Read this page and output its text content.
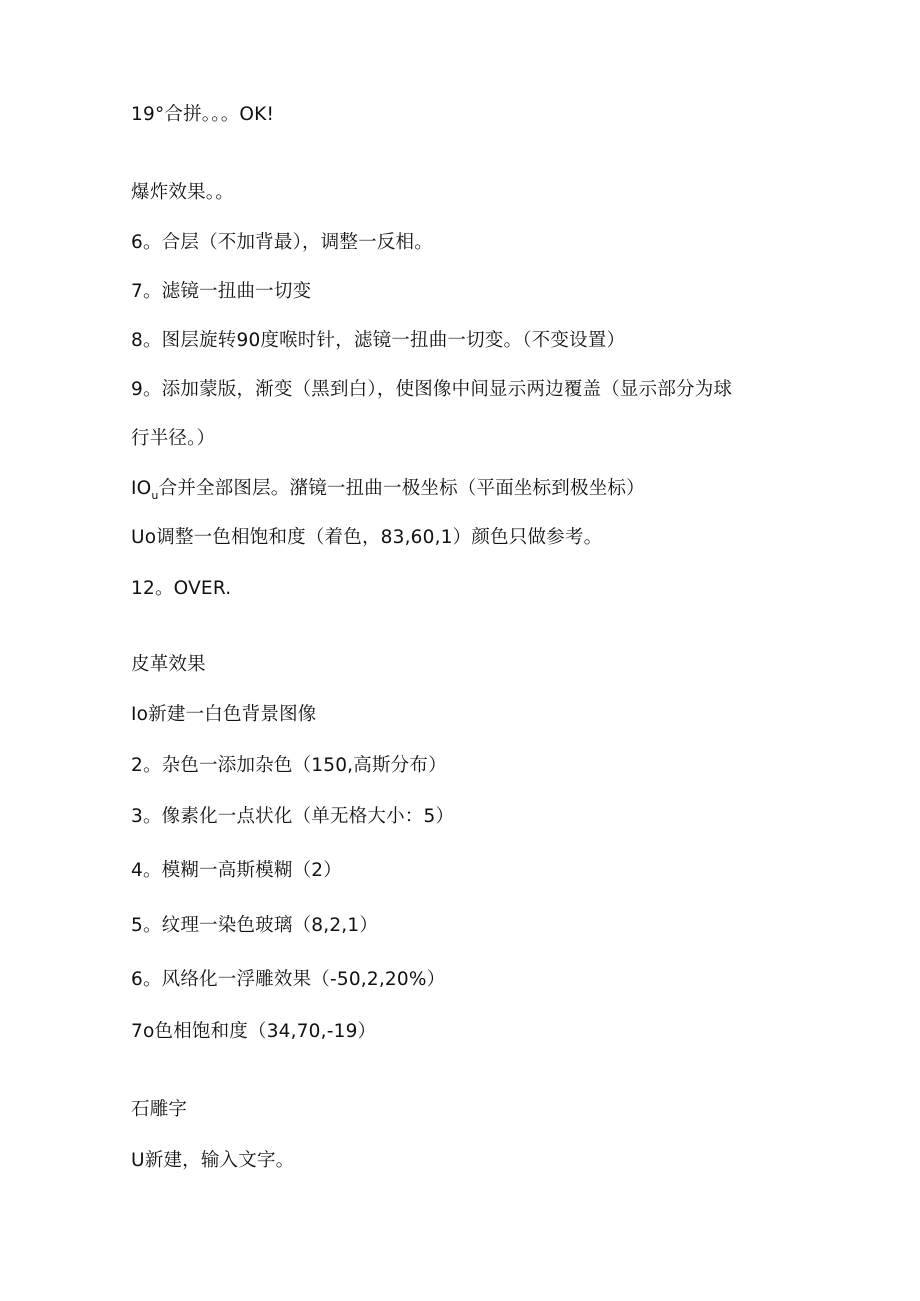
19°合拼。。。OK!
爆炸效果。。
6。合层（不加背最），调整一反相。
7。滤镜一扭曲一切变
8。图层旋转90度喉时针，滤镜一扭曲一切变。（不变设置）
9。添加蒙版，渐变（黑到白），使图像中间显示两边覆盖（显示部分为球
行半径。）
$IO_u$合并全部图层。潴镜一扭曲一极坐标（平面坐标到极坐标）
Uo调整一色相饱和度（着色，83,60,1）颜色只做参考。
12。OVER.
皮革效果
Io新建一白色背景图像
2。杂色一添加杂色（150,高斯分布）
3。像素化一点状化（单无格大小：5）
4。模糊一高斯模糊（2）
5。纹理一染色玻璃（8,2,1）
6。风络化一浮雕效果（-50,2,20%）
7o色相饱和度（34,70,-19）
石雕字
U新建，输入文字。
